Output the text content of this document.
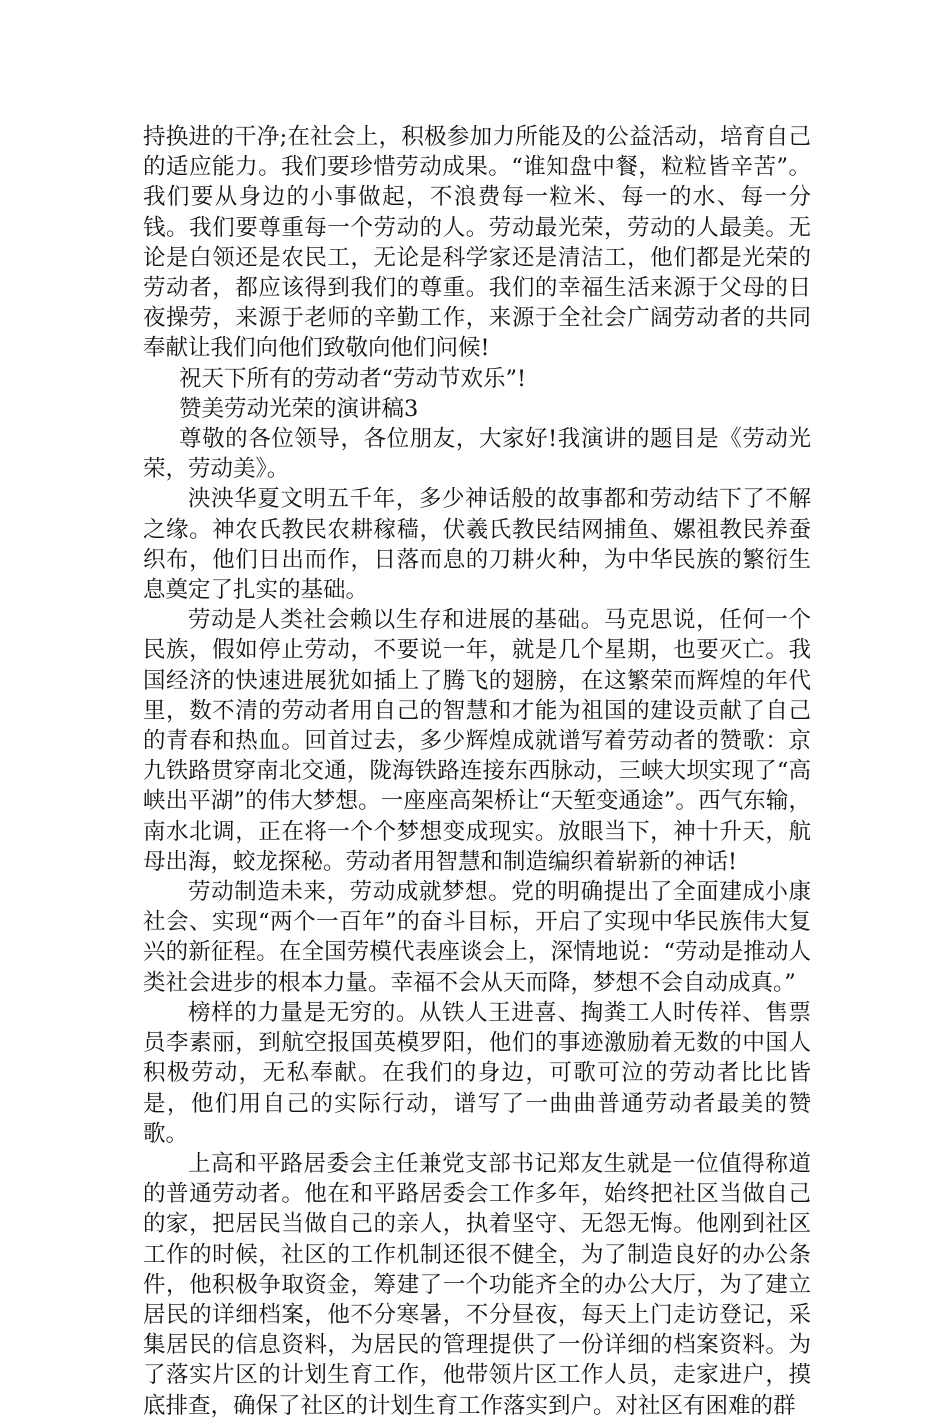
持换进的干净;在社会上，积极参加力所能及的公益活动，培育自己的适应能力。我们要珍惜劳动成果。“谁知盘中餐，粒粒皆辛苦”。我们要从身边的小事做起，不浪费每一粒米、每一的水、每一分钱。我们要尊重每一个劳动的人。劳动最光荣，劳动的人最美。无论是白领还是农民工，无论是科学家还是清洁工，他们都是光荣的劳动者，都应该得到我们的尊重。我们的幸福生活来源于父母的日夜操劳，来源于老师的辛勤工作，来源于全社会广阔劳动者的共同奉献让我们向他们致敬向他们问候!

祝天下所有的劳动者“劳动节欢乐”!

赞美劳动光荣的演讲稿3

尊敬的各位领导，各位朋友，大家好!我演讲的题目是《劳动光荣，劳动美》。

泱泱华夏文明五千年，多少神话般的故事都和劳动结下了不解之缘。神农氏教民农耕稼穑，伏羲氏教民结网捕鱼、嫘祖教民养蚕织布，他们日出而作，日落而息的刀耕火种，为中华民族的繁衍生息奠定了扎实的基础。

劳动是人类社会赖以生存和进展的基础。马克思说，任何一个民族，假如停止劳动，不要说一年，就是几个星期，也要灭亡。我国经济的快速进展犹如插上了腾飞的翅膀，在这繁荣而辉煌的年代里，数不清的劳动者用自己的智慧和才能为祖国的建设贡献了自己的青春和热血。回首过去，多少辉煌成就谱写着劳动者的赞歌：京九铁路贯穿南北交通，陇海铁路连接东西脉动，三峡大坝实现了“高峡出平湖”的伟大梦想。一座座高架桥让“天堑变通途”。西气东输，南水北调，正在将一个个梦想变成现实。放眼当下，神十升天，航母出海，蛟龙探秘。劳动者用智慧和制造编织着崭新的神话!

劳动制造未来，劳动成就梦想。党的明确提出了全面建成小康社会、实现“两个一百年”的奋斗目标，开启了实现中华民族伟大复兴的新征程。在全国劳模代表座谈会上，深情地说：“劳动是推动人类社会进步的根本力量。幸福不会从天而降，梦想不会自动成真。”

榜样的力量是无穷的。从铁人王进喜、掏粪工人时传祥、售票员李素丽，到航空报国英模罗阳，他们的事迹激励着无数的中国人积极劳动，无私奉献。在我们的身边，可歌可泣的劳动者比比皆是，他们用自己的实际行动，谱写了一曲曲普通劳动者最美的赞歌。

上高和平路居委会主任兼党支部书记郑友生就是一位值得称道的普通劳动者。他在和平路居委会工作多年，始终把社区当做自己的家，把居民当做自己的亲人，执着坚守、无怨无悔。他刚到社区工作的时候，社区的工作机制还很不健全，为了制造良好的办公条件，他积极争取资金，筹建了一个功能齐全的办公大厅，为了建立居民的详细档案，他不分寒暑，不分昼夜，每天上门走访登记，采集居民的信息资料，为居民的管理提供了一份详细的档案资料。为了落实片区的计划生育工作，他带领片区工作人员，走家进户，摸底排查，确保了社区的计划生育工作落实到户。对社区有困难的群
